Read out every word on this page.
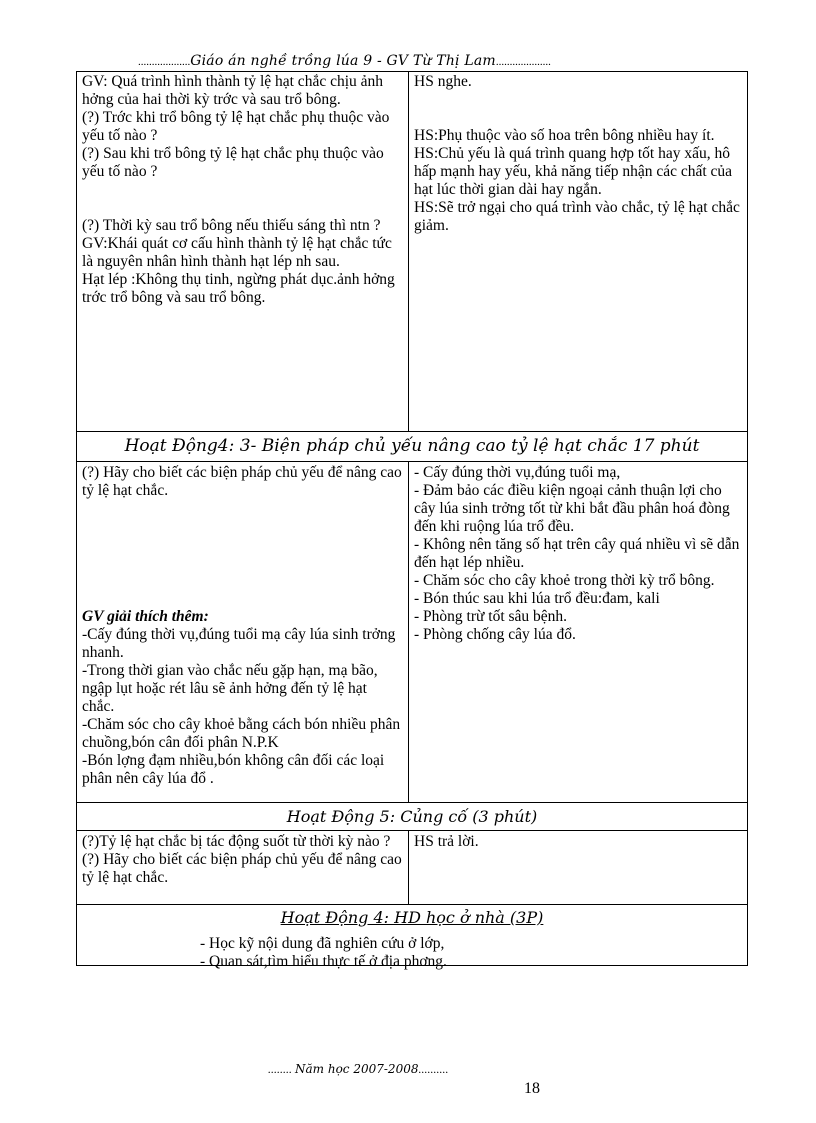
...................Giáo án nghề trồng lúa 9 - GV Từ Thị Lam....................

GV: Quá trình hình thành tỷ lệ hạt chắc chịu ảnh hởng của hai thời kỳ trớc và sau trổ bông.

(?) Trớc khi trổ bông tỷ lệ hạt chắc phụ thuộc vào yếu tố nào ?

(?) Sau khi trổ bông tỷ lệ hạt chắc phụ thuộc vào yếu tố nào ?

(?) Thời kỳ sau trổ bông nếu thiếu sáng thì ntn ?

GV:Khái quát cơ cấu hình thành tỷ lệ hạt chắc tức là nguyên nhân hình thành hạt lép nh sau.

Hạt lép :Không thụ tinh, ngừng phát dục.ảnh hởng trớc trổ bông và sau trổ bông.

HS nghe.

HS:Phụ thuộc vào số hoa trên bông nhiều hay ít.

HS:Chủ yếu là quá trình quang hợp tốt hay xấu, hô hấp mạnh hay yếu, khả năng tiếp nhận các chất của hạt lúc thời gian dài hay ngắn.

HS:Sẽ trở ngại cho quá trình vào chắc, tỷ lệ hạt chắc giảm.

Hoạt Động4: 3- Biện pháp chủ yếu nâng cao tỷ lệ hạt chắc 17 phút

(?) Hãy cho biết các biện pháp chủ yếu để nâng cao tỷ lệ hạt chắc.

GV giải thích thêm:

-Cấy đúng thời vụ,đúng tuổi mạ cây lúa sinh trởng nhanh.

-Trong thời gian vào chắc nếu gặp hạn, mạ bão, ngập lụt hoặc rét lâu sẽ ảnh hởng đến tỷ lệ hạt chắc.

-Chăm sóc cho cây khoẻ bằng cách bón nhiều phân chuồng,bón cân đối phân N.P.K

-Bón lợng đạm nhiều,bón không cân đối các loại phân nên cây lúa đổ .

- Cấy đúng thời vụ,đúng tuổi mạ,

- Đảm bảo các điều kiện ngoại cảnh thuận lợi cho cây lúa sinh trởng tốt từ khi bắt đầu phân hoá đòng đến khi ruộng lúa trổ đều.

- Không nên tăng số hạt trên cây quá nhiều vì sẽ dẫn đến hạt lép nhiều.

- Chăm sóc cho cây khoẻ trong thời kỳ trổ bông.

- Bón thúc sau khi lúa trổ đều:đam, kali

- Phòng trừ tốt sâu bệnh.

- Phòng chống cây lúa đổ.

Hoạt Động 5: Củng cố (3 phút)

(?)Tỷ lệ hạt chắc bị tác động suốt từ thời kỳ nào ?

(?) Hãy cho biết các biện pháp chủ yếu để nâng cao tỷ lệ hạt chắc.

HS trả lời.

Hoạt Động 4: HD học ở nhà (3P)
- Học kỹ nội dung đã nghiên cứu ở lớp,
- Quan sát,tìm hiểu thực tế ở địa phơng.
........ Năm học 2007-2008..........
18
